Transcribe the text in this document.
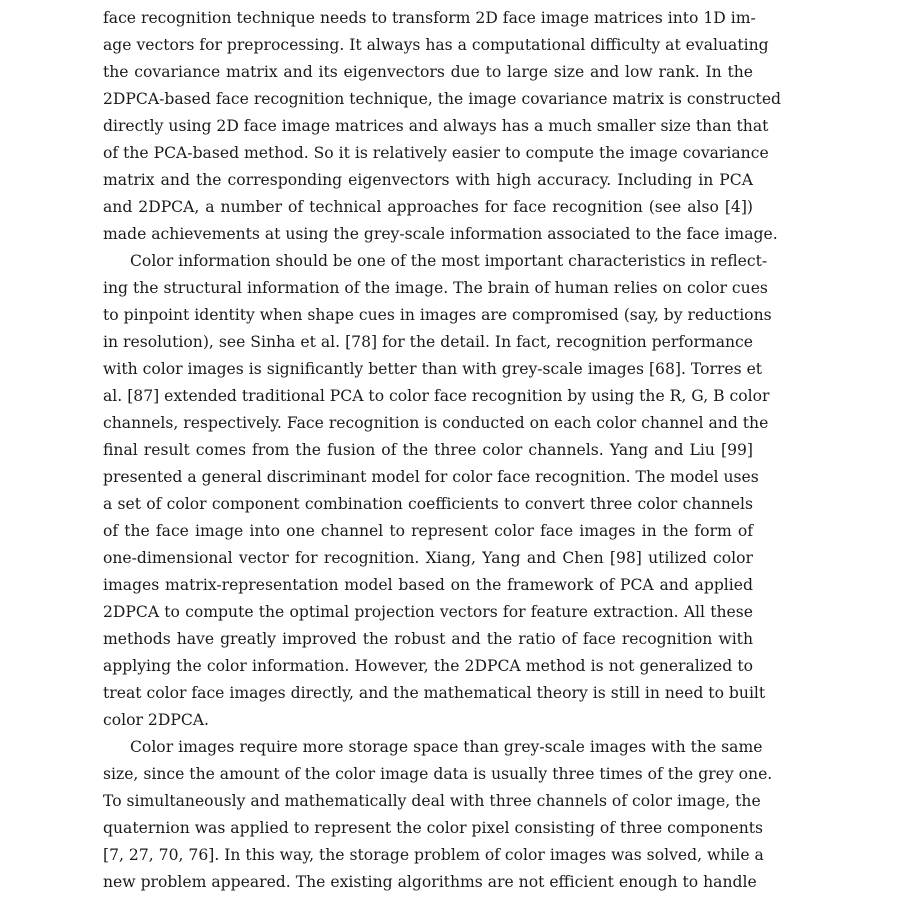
face recognition technique needs to transform 2D face image matrices into 1D im-
age vectors for preprocessing. It always has a computational difficulty at evaluating
the covariance matrix and its eigenvectors due to large size and low rank. In the
2DPCA-based face recognition technique, the image covariance matrix is constructed
directly using 2D face image matrices and always has a much smaller size than that
of the PCA-based method. So it is relatively easier to compute the image covariance
matrix and the corresponding eigenvectors with high accuracy. Including in PCA
and 2DPCA, a number of technical approaches for face recognition (see also [4])
made achievements at using the grey-scale information associated to the face image.
Color information should be one of the most important characteristics in reflect-
ing the structural information of the image. The brain of human relies on color cues
to pinpoint identity when shape cues in images are compromised (say, by reductions
in resolution), see Sinha et al. [78] for the detail. In fact, recognition performance
with color images is significantly better than with grey-scale images [68]. Torres et
al. [87] extended traditional PCA to color face recognition by using the R, G, B color
channels, respectively. Face recognition is conducted on each color channel and the
final result comes from the fusion of the three color channels. Yang and Liu [99]
presented a general discriminant model for color face recognition. The model uses
a set of color component combination coefficients to convert three color channels
of the face image into one channel to represent color face images in the form of
one-dimensional vector for recognition. Xiang, Yang and Chen [98] utilized color
images matrix-representation model based on the framework of PCA and applied
2DPCA to compute the optimal projection vectors for feature extraction. All these
methods have greatly improved the robust and the ratio of face recognition with
applying the color information. However, the 2DPCA method is not generalized to
treat color face images directly, and the mathematical theory is still in need to built
color 2DPCA.
Color images require more storage space than grey-scale images with the same
size, since the amount of the color image data is usually three times of the grey one.
To simultaneously and mathematically deal with three channels of color image, the
quaternion was applied to represent the color pixel consisting of three components
[7, 27, 70, 76]. In this way, the storage problem of color images was solved, while a
new problem appeared. The existing algorithms are not efficient enough to handle
